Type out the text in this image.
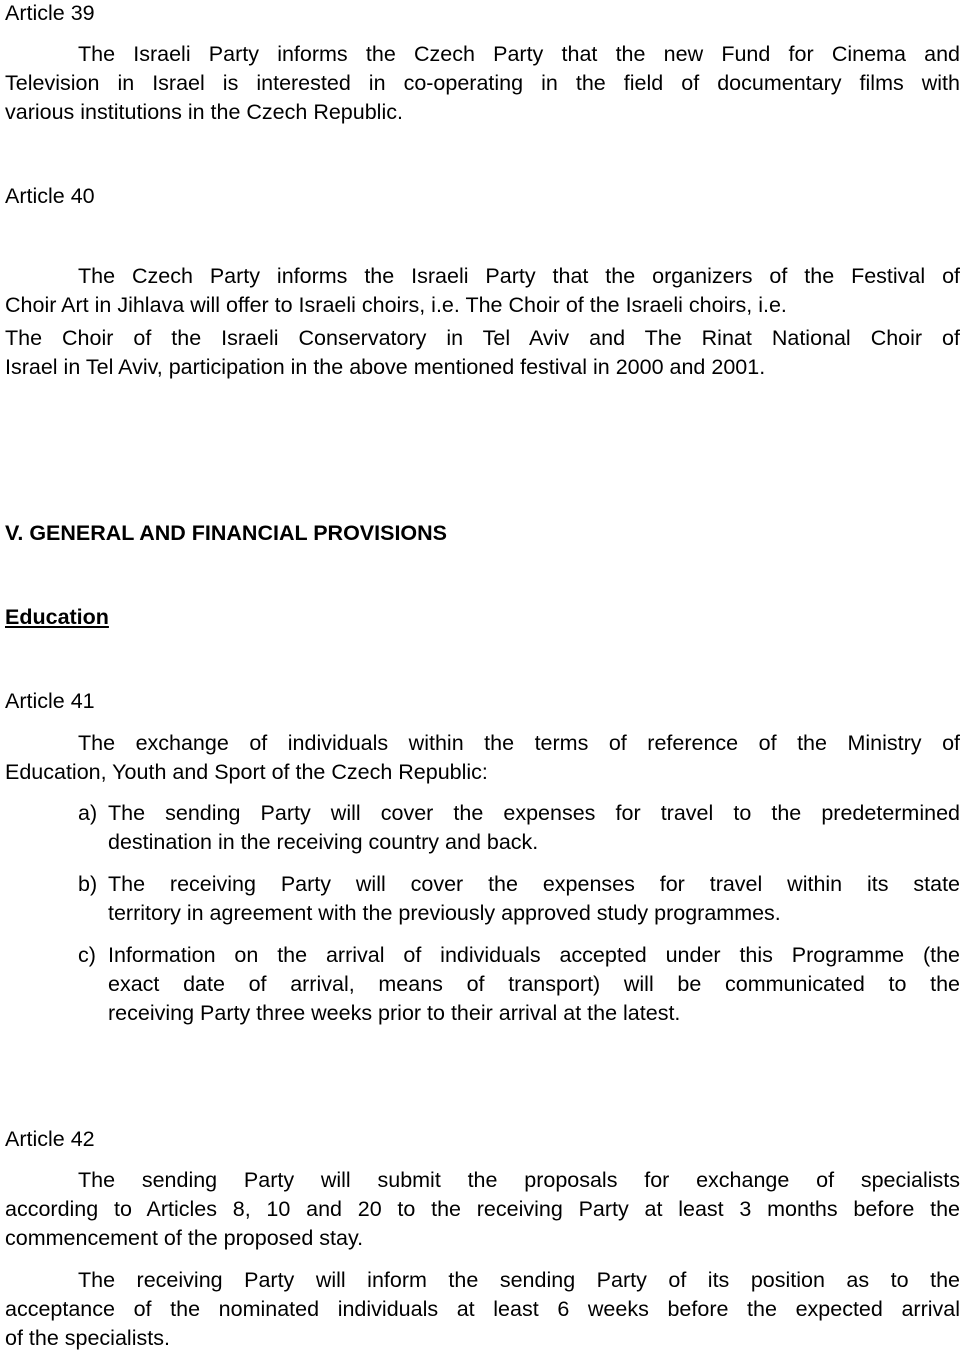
Article 39
The Israeli Party informs the Czech Party that the new Fund for Cinema and
Television in Israel is interested in co-operating in the field of documentary films with
various institutions in the Czech Republic.
Article 40
The Czech Party informs the Israeli Party that the organizers of the Festival of
Choir Art in Jihlava will offer to Israeli choirs, i.e. The Choir of the Israeli choirs, i.e.
The Choir of the Israeli Conservatory in Tel Aviv and The Rinat National Choir of
Israel in Tel Aviv, participation in the above mentioned festival in 2000 and 2001.
V. GENERAL AND FINANCIAL PROVISIONS
Education
Article 41
The exchange of individuals within the terms of reference of the Ministry of
Education, Youth and Sport of the Czech Republic:
a) The sending Party will cover the expenses for travel to the predetermined
destination in the receiving country and back.
b) The receiving Party will cover the expenses for travel within its state
territory in agreement with the previously approved study programmes.
c) Information on the arrival of individuals accepted under this Programme (the
exact date of arrival, means of transport) will be communicated to the
receiving Party three weeks prior to their arrival at the latest.
Article 42
The sending Party will submit the proposals for exchange of specialists
according to Articles 8, 10 and 20 to the receiving Party at least 3 months before the
commencement of the proposed stay.
The receiving Party will inform the sending Party of its position as to the
acceptance of the nominated individuals at least 6 weeks before the expected arrival
of the specialists.
